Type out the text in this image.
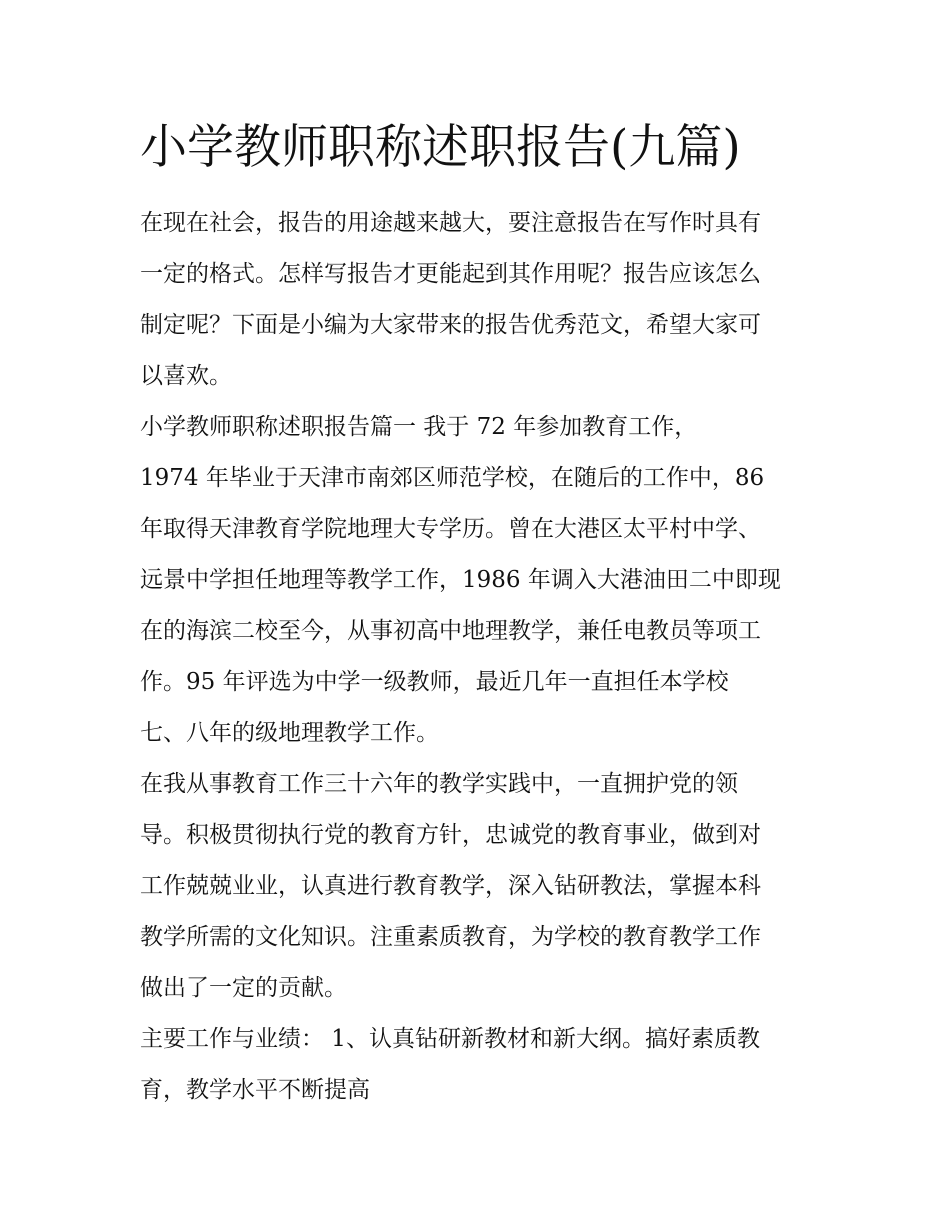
小学教师职称述职报告(九篇)
在现在社会，报告的用途越来越大，要注意报告在写作时具有
一定的格式。怎样写报告才更能起到其作用呢？报告应该怎么
制定呢？下面是小编为大家带来的报告优秀范文，希望大家可
以喜欢。
小学教师职称述职报告篇一 我于 72 年参加教育工作，
1974 年毕业于天津市南郊区师范学校，在随后的工作中，86
年取得天津教育学院地理大专学历。曾在大港区太平村中学、
远景中学担任地理等教学工作，1986 年调入大港油田二中即现
在的海滨二校至今，从事初高中地理教学，兼任电教员等项工
作。95 年评选为中学一级教师，最近几年一直担任本学校
七、八年的级地理教学工作。
在我从事教育工作三十六年的教学实践中，一直拥护党的领
导。积极贯彻执行党的教育方针，忠诚党的教育事业，做到对
工作兢兢业业，认真进行教育教学，深入钻研教法，掌握本科
教学所需的文化知识。注重素质教育，为学校的教育教学工作
做出了一定的贡献。
主要工作与业绩： 1、认真钻研新教材和新大纲。搞好素质教
育，教学水平不断提高
